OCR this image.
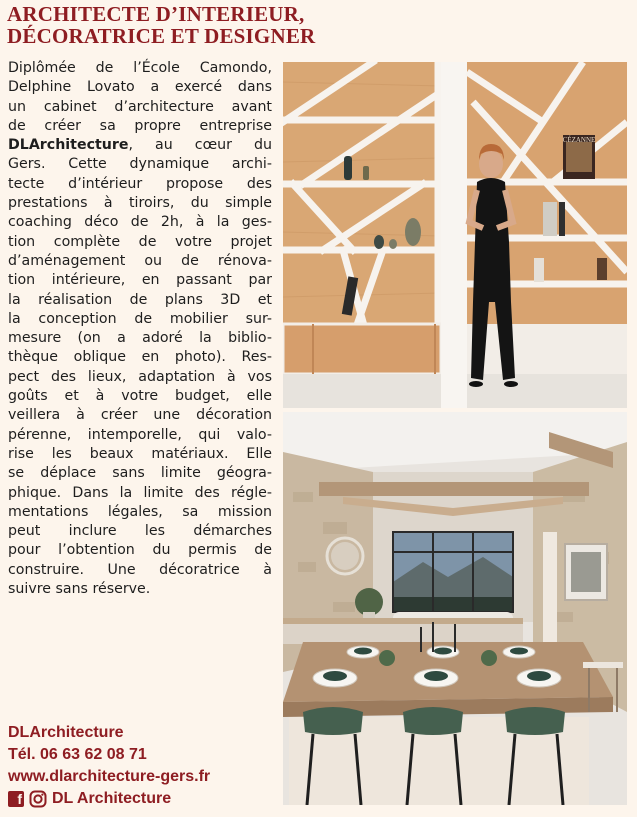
ARCHITECTE D’INTERIEUR,
DÉCORATRICE ET DESIGNER
Diplômée de l’École Camondo,
Delphine Lovato a exercé dans
un cabinet d’architecture avant
de créer sa propre entreprise
DLArchitecture, au cœur du
Gers. Cette dynamique archi-
tecte d’intérieur propose des
prestations à tiroirs, du simple
coaching déco de 2h, à la ges-
tion complète de votre projet
d’aménagement ou de rénova-
tion intérieure, en passant par
la réalisation de plans 3D et
la conception de mobilier sur-
mesure (on a adoré la biblio-
thèque oblique en photo). Res-
pect des lieux, adaptation à vos
goûts et à votre budget, elle
veillera à créer une décoration
pérenne, intemporelle, qui valo-
rise les beaux matériaux. Elle
se déplace sans limite géogra-
phique. Dans la limite des régle-
mentations légales, sa mission
peut inclure les démarches
pour l’obtention du permis de
construire. Une décoratrice à
suivre sans réserve.
DLArchitecture
Tél. 06 63 62 08 71
www.dlarchitecture-gers.fr
f DL Architecture
CÉZANNE
